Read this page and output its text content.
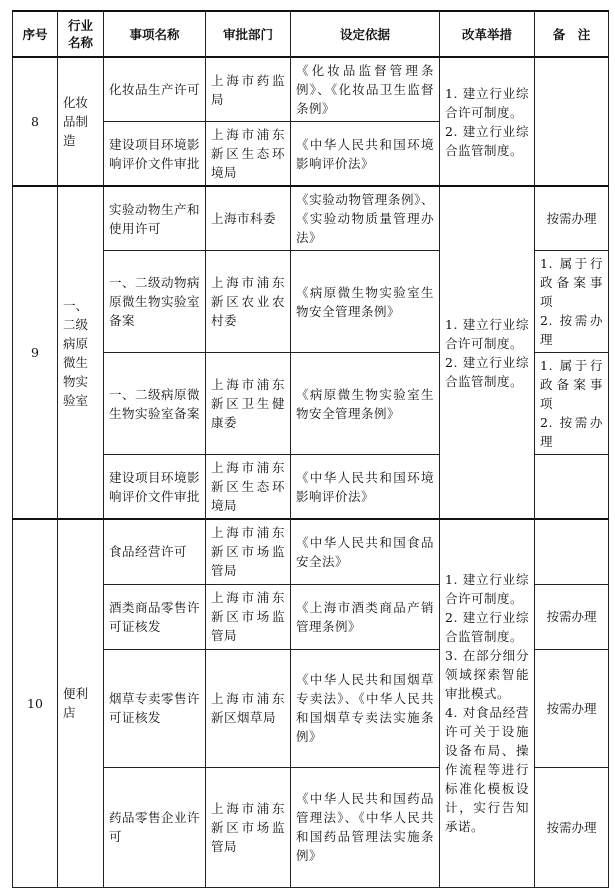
序号	行业名称	事项名称	审批部门	设定依据	改革举措	备　注
8	化妆品制造	化妆品生产许可	上海市药监局	《化妆品监督管理条例》、《化妆品卫生监督条例》	1. 建立行业综合许可制度。
2. 建立行业综合监管制度。	

		建设项目环境影响评价文件审批	上海市浦东新区生态环境局	《中华人民共和国环境影响评价法》		
9	一、二级病原微生物实验室	实验动物生产和使用许可	上海市科委	《实验动物管理条例》、《实验动物质量管理办法》	1. 建立行业综合许可制度。
2. 建立行业综合监管制度。	按需办理

		一、二级动物病原微生物实验室备案	上海市浦东新区农业农村委	《病原微生物实验室生物安全管理条例》		1. 属于行政备案事项
2. 按需办理

		一、二级病原微生物实验室备案	上海市浦东新区卫生健康委	《病原微生物实验室生物安全管理条例》		1. 属于行政备案事项
2. 按需办理

		建设项目环境影响评价文件审批	上海市浦东新区生态环境局	《中华人民共和国环境影响评价法》		

10	便利店	食品经营许可	上海市浦东新区市场监管局	《中华人民共和国食品安全法》	1. 建立行业综合许可制度。
2. 建立行业综合监管制度。
3. 在部分细分领域探索智能审批模式。
4. 对食品经营许可关于设施设备布局、操作流程等进行标准化模板设计，实行告知承诺。	

		酒类商品零售许可证核发	上海市浦东新区市场监管局	《上海市酒类商品产销管理条例》		按需办理

		烟草专卖零售许可证核发	上海市浦东新区烟草局	《中华人民共和国烟草专卖法》、《中华人民共和国烟草专卖法实施条例》		按需办理

		药品零售企业许可	上海市浦东新区市场监管局	《中华人民共和国药品管理法》、《中华人民共和国药品管理法实施条例》		按需办理
